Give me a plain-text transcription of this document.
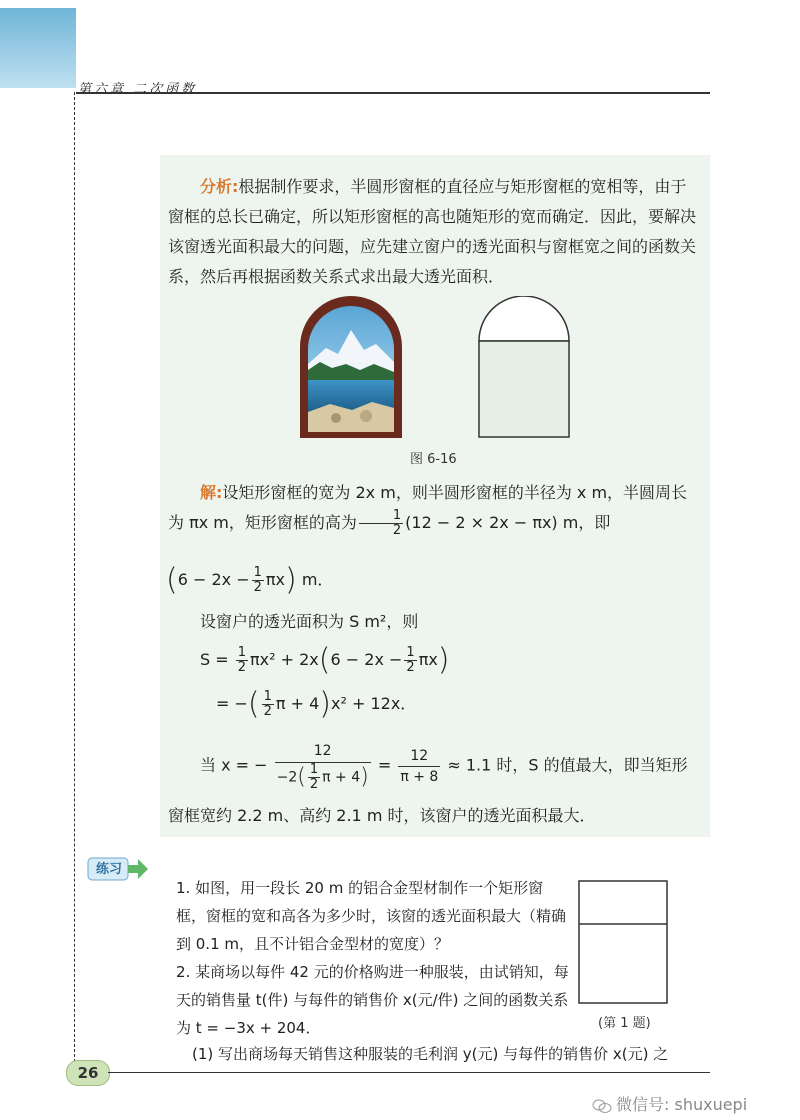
第六章 二次函数
分析:根据制作要求，半圆形窗框的直径应与矩形窗框的宽相等，由于窗框的总长已确定，所以矩形窗框的高也随矩形的宽而确定．因此，要解决该窗透光面积最大的问题，应先建立窗户的透光面积与窗框宽之间的函数关系，然后再根据函数关系式求出最大透光面积．
图 6-16
解:设矩形窗框的宽为 2x m，则半圆形窗框的半径为 x m，半圆周长为 πx m，矩形窗框的高为 $\frac{1}{2} (12 - 2 \times 2x - \pi x)$ m，即
$(6 - 2x - \frac{1}{2} \pi x)$ m．
设窗户的透光面积为 S m²，则
$S = \frac{1}{2} \pi x^2 + 2x(6 - 2x - \frac{1}{2} \pi x)$
= −( $\frac{1}{2}$ π + 4)x² + 12x．
当 x = − $\frac{12}{-2( \frac{1}{2} \pi + 4)} = \frac{12}{\pi + 8} \approx 1.1$ 时，S 的值最大，即当矩形
窗框宽约 2.2 m、高约 2.1 m 时，该窗户的透光面积最大．
练习
1. 如图，用一段长 20 m 的铝合金型材制作一个矩形窗框，窗框的宽和高各为多少时，该窗的透光面积最大（精确到 0.1 m，且不计铝合金型材的宽度）？
2. 某商场以每件 42 元的价格购进一种服装，由试销知，每天的销售量 t(件) 与每件的销售价 x(元/件) 之间的函数关系为 t = −3x + 204．
(1) 写出商场每天销售这种服装的毛利润 y(元) 与每件的销售价 x(元) 之
(第 1 题)
26
微信号: shuxuepi
